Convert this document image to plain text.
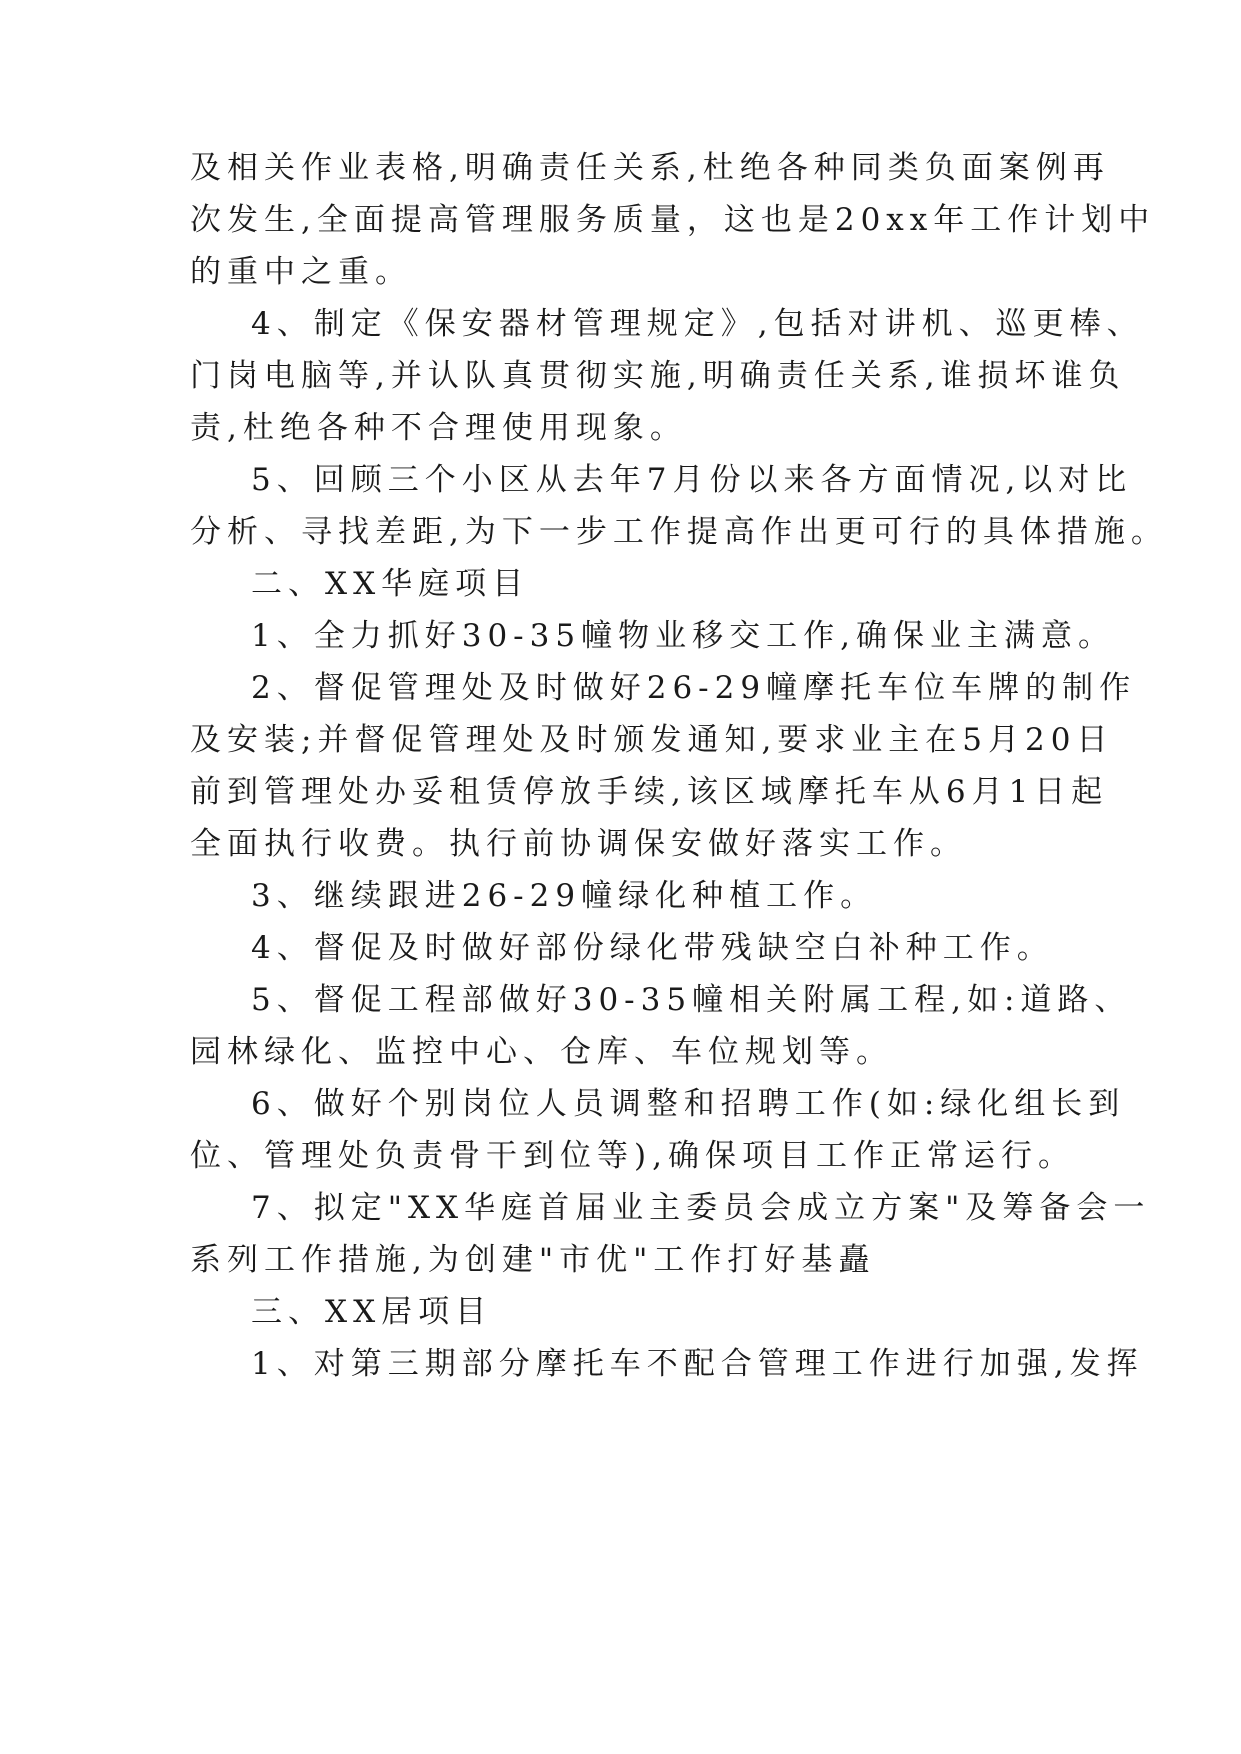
及相关作业表格,明确责任关系,杜绝各种同类负面案例再
次发生,全面提高管理服务质量，这也是20xx年工作计划中
的重中之重。
4、制定《保安器材管理规定》,包括对讲机、巡更棒、
门岗电脑等,并认队真贯彻实施,明确责任关系,谁损坏谁负
责,杜绝各种不合理使用现象。
5、回顾三个小区从去年7月份以来各方面情况,以对比
分析、寻找差距,为下一步工作提高作出更可行的具体措施。
二、XX华庭项目
1、全力抓好30-35幢物业移交工作,确保业主满意。
2、督促管理处及时做好26-29幢摩托车位车牌的制作
及安装;并督促管理处及时颁发通知,要求业主在5月20日
前到管理处办妥租赁停放手续,该区域摩托车从6月1日起
全面执行收费。执行前协调保安做好落实工作。
3、继续跟进26-29幢绿化种植工作。
4、督促及时做好部份绿化带残缺空白补种工作。
5、督促工程部做好30-35幢相关附属工程,如:道路、
园林绿化、监控中心、仓库、车位规划等。
6、做好个别岗位人员调整和招聘工作(如:绿化组长到
位、管理处负责骨干到位等),确保项目工作正常运行。
7、拟定"XX华庭首届业主委员会成立方案"及筹备会一
系列工作措施,为创建"市优"工作打好基矗
三、XX居项目
1、对第三期部分摩托车不配合管理工作进行加强,发挥
